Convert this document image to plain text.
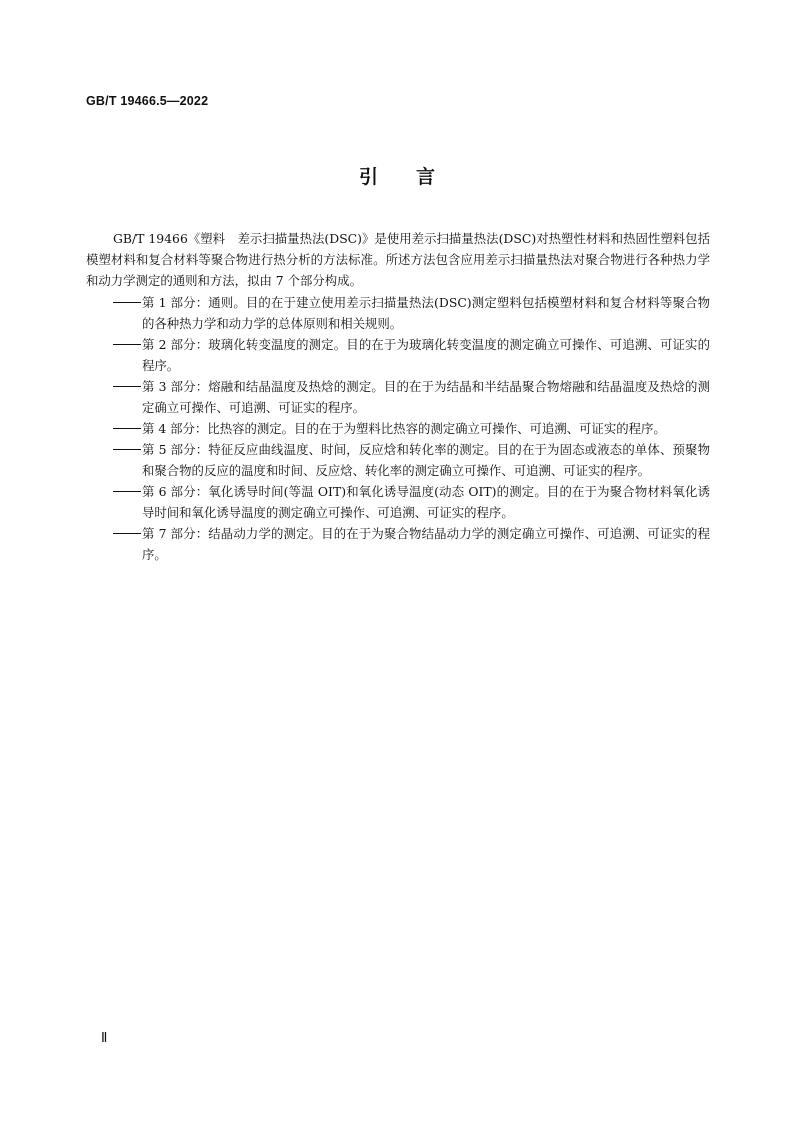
GB/T 19466.5—2022
引言

GB/T 19466《塑料　差示扫描量热法(DSC)》是使用差示扫描量热法(DSC)对热塑性材料和热固性塑料包括模塑材料和复合材料等聚合物进行热分析的方法标准。所述方法包含应用差示扫描量热法对聚合物进行各种热力学和动力学测定的通则和方法，拟由 7 个部分构成。

第 1 部分：通则。目的在于建立使用差示扫描量热法(DSC)测定塑料包括模塑材料和复合材料等聚合物的各种热力学和动力学的总体原则和相关规则。
第 2 部分：玻璃化转变温度的测定。目的在于为玻璃化转变温度的测定确立可操作、可追溯、可证实的程序。
第 3 部分：熔融和结晶温度及热焓的测定。目的在于为结晶和半结晶聚合物熔融和结晶温度及热焓的测定确立可操作、可追溯、可证实的程序。
第 4 部分：比热容的测定。目的在于为塑料比热容的测定确立可操作、可追溯、可证实的程序。
第 5 部分：特征反应曲线温度、时间，反应焓和转化率的测定。目的在于为固态或液态的单体、预聚物和聚合物的反应的温度和时间、反应焓、转化率的测定确立可操作、可追溯、可证实的程序。
第 6 部分：氧化诱导时间(等温 OIT)和氧化诱导温度(动态 OIT)的测定。目的在于为聚合物材料氧化诱导时间和氧化诱导温度的测定确立可操作、可追溯、可证实的程序。
第 7 部分：结晶动力学的测定。目的在于为聚合物结晶动力学的测定确立可操作、可追溯、可证实的程序。
Ⅱ
